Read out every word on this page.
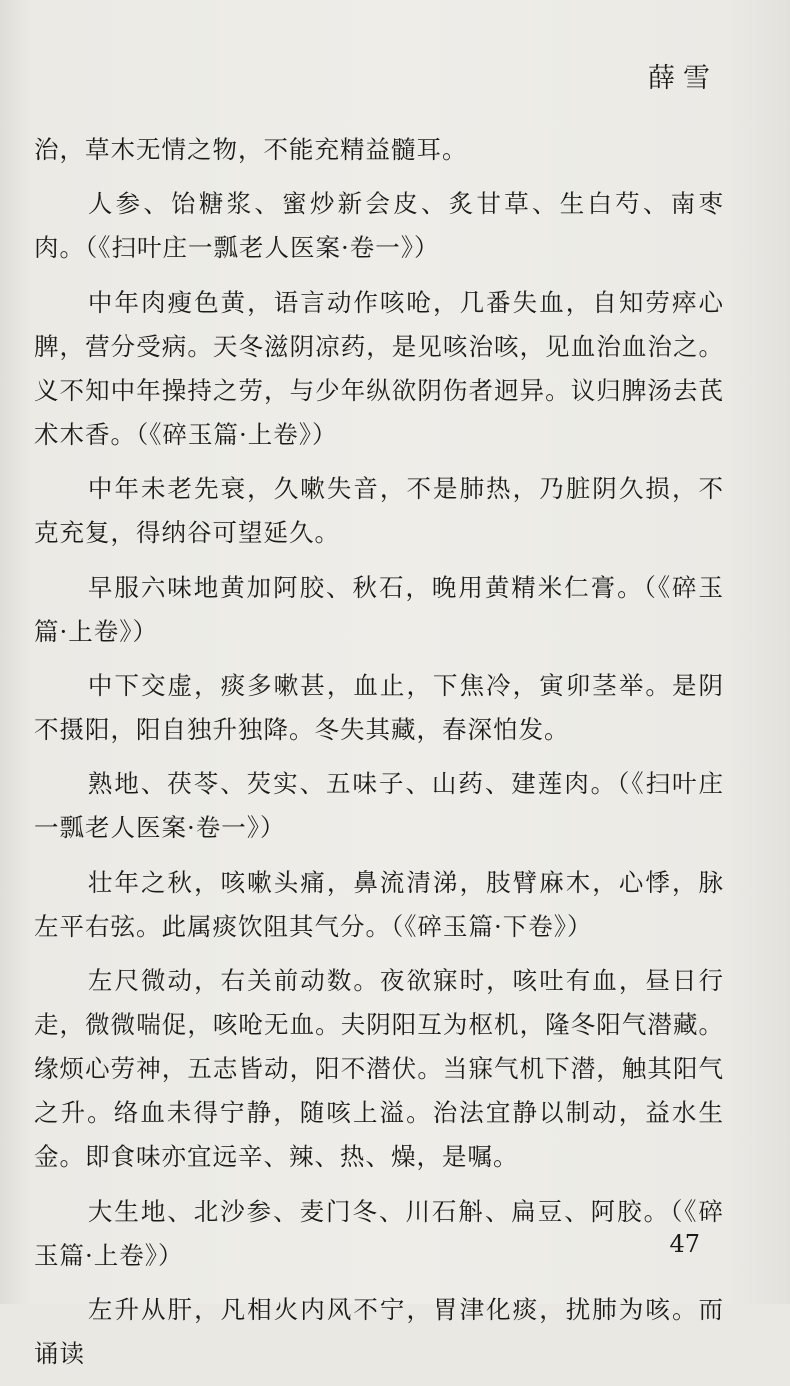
薛雪

治，草木无情之物，不能充精益髓耳。

人参、饴糖浆、蜜炒新会皮、炙甘草、生白芍、南枣肉。（《扫叶庄一瓢老人医案·卷一》）

中年肉瘦色黄，语言动作咳呛，几番失血，自知劳瘁心脾，营分受病。天冬滋阴凉药，是见咳治咳，见血治血治之。义不知中年操持之劳，与少年纵欲阴伤者迥异。议归脾汤去芪术木香。（《碎玉篇·上卷》）

中年未老先衰，久嗽失音，不是肺热，乃脏阴久损，不克充复，得纳谷可望延久。

早服六味地黄加阿胶、秋石，晚用黄精米仁膏。（《碎玉篇·上卷》）

中下交虚，痰多嗽甚，血止，下焦冷，寅卯茎举。是阴不摄阳，阳自独升独降。冬失其藏，春深怕发。

熟地、茯苓、芡实、五味子、山药、建莲肉。（《扫叶庄一瓢老人医案·卷一》）

壮年之秋，咳嗽头痛，鼻流清涕，肢臂麻木，心悸，脉左平右弦。此属痰饮阻其气分。（《碎玉篇·下卷》）

左尺微动，右关前动数。夜欲寐时，咳吐有血，昼日行走，微微喘促，咳呛无血。夫阴阳互为枢机，隆冬阳气潜藏。缘烦心劳神，五志皆动，阳不潜伏。当寐气机下潜，触其阳气之升。络血未得宁静，随咳上溢。治法宜静以制动，益水生金。即食味亦宜远辛、辣、热、燥，是嘱。

大生地、北沙参、麦门冬、川石斛、扁豆、阿胶。（《碎玉篇·上卷》）

左升从肝，凡相火内风不宁，胃津化痰，扰肺为咳。而诵读

47
